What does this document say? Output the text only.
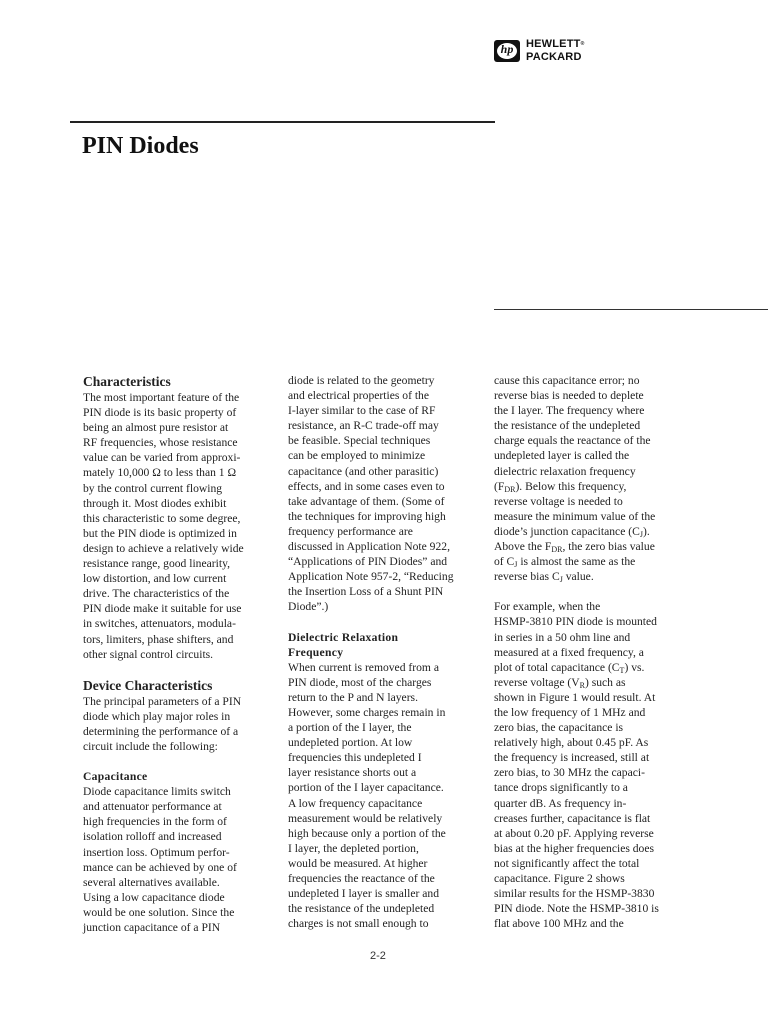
hp	HEWLETT®
PACKARD
PIN Diodes
Characteristics

The most important feature of the
PIN diode is its basic property of
being an almost pure resistor at
RF frequencies, whose resistance
value can be varied from approxi-
mately 10,000 Ω to less than 1 Ω
by the control current flowing
through it. Most diodes exhibit
this characteristic to some degree,
but the PIN diode is optimized in
design to achieve a relatively wide
resistance range, good linearity,
low distortion, and low current
drive. The characteristics of the
PIN diode make it suitable for use
in switches, attenuators, modula-
tors, limiters, phase shifters, and
other signal control circuits.

Device Characteristics

The principal parameters of a PIN
diode which play major roles in
determining the performance of a
circuit include the following:

Capacitance

Diode capacitance limits switch
and attenuator performance at
high frequencies in the form of
isolation rolloff and increased
insertion loss. Optimum perfor-
mance can be achieved by one of
several alternatives available.
Using a low capacitance diode
would be one solution. Since the
junction capacitance of a PIN

diode is related to the geometry
and electrical properties of the
I-layer similar to the case of RF
resistance, an R-C trade-off may
be feasible. Special techniques
can be employed to minimize
capacitance (and other parasitic)
effects, and in some cases even to
take advantage of them. (Some of
the techniques for improving high
frequency performance are
discussed in Application Note 922,
“Applications of PIN Diodes” and
Application Note 957-2, “Reducing
the Insertion Loss of a Shunt PIN
Diode”.)

Dielectric Relaxation
Frequency

When current is removed from a
PIN diode, most of the charges
return to the P and N layers.
However, some charges remain in
a portion of the I layer, the
undepleted portion. At low
frequencies this undepleted I
layer resistance shorts out a
portion of the I layer capacitance.
A low frequency capacitance
measurement would be relatively
high because only a portion of the
I layer, the depleted portion,
would be measured. At higher
frequencies the reactance of the
undepleted I layer is smaller and
the resistance of the undepleted
charges is not small enough to

cause this capacitance error; no
reverse bias is needed to deplete
the I layer. The frequency where
the resistance of the undepleted
charge equals the reactance of the
undepleted layer is called the
dielectric relaxation frequency
$(F_{DR})$. Below this frequency,
reverse voltage is needed to
measure the minimum value of the
diode’s junction capacitance $(C_J)$.
Above the $F_{DR}$, the zero bias value
of $C_J$ is almost the same as the
reverse bias $C_J$ value.

For example, when the
HSMP-3810 PIN diode is mounted
in series in a 50 ohm line and
measured at a fixed frequency, a
plot of total capacitance $(C_T)$ vs.
reverse voltage $(V_R)$ such as
shown in Figure 1 would result. At
the low frequency of 1 MHz and
zero bias, the capacitance is
relatively high, about 0.45 pF. As
the frequency is increased, still at
zero bias, to 30 MHz the capaci-
tance drops significantly to a
quarter dB. As frequency in-
creases further, capacitance is flat
at about 0.20 pF. Applying reverse
bias at the higher frequencies does
not significantly affect the total
capacitance. Figure 2 shows
similar results for the HSMP-3830
PIN diode. Note the HSMP-3810 is
flat above 100 MHz and the

2-2
